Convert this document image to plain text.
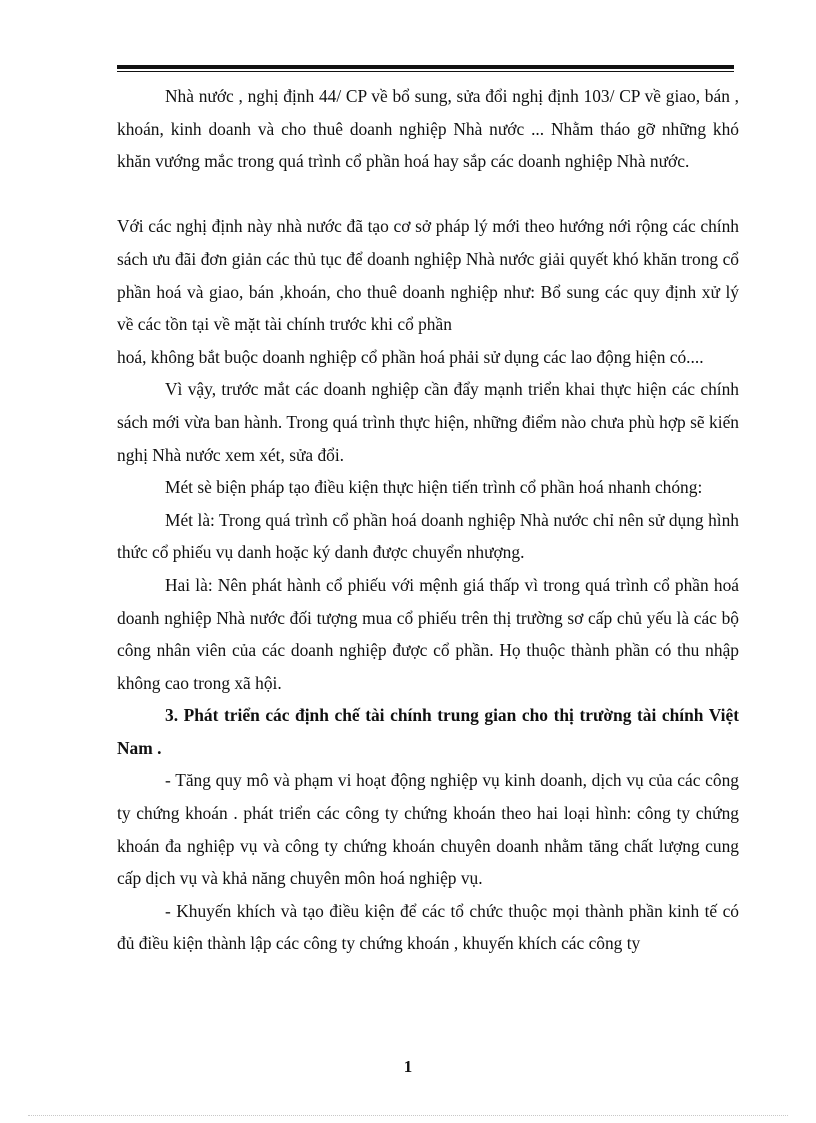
Nhà nước , nghị định 44/ CP về bổ sung, sửa đổi nghị định 103/ CP về giao, bán , khoán, kinh doanh và cho thuê doanh nghiệp Nhà nước ... Nhằm tháo gỡ những khó khăn vướng mắc trong quá trình cổ phần hoá hay sắp các doanh nghiệp Nhà nước.

Với các nghị định này nhà nước đã tạo cơ sở pháp lý mới theo hướng nới rộng các chính sách ưu đãi đơn giản các thủ tục để doanh nghiệp Nhà nước giải quyết khó khăn trong cổ phần hoá và giao, bán ,khoán, cho thuê doanh nghiệp như: Bổ sung các quy định xử lý về các tồn tại về mặt tài chính trước khi cổ phần
hoá, không bắt buộc doanh nghiệp cổ phần hoá phải sử dụng các lao động hiện có....

Vì vậy, trước mắt các doanh nghiệp cần đẩy mạnh triển khai thực hiện các chính sách mới vừa ban hành. Trong quá trình thực hiện, những điểm nào chưa phù hợp sẽ kiến nghị Nhà nước xem xét, sửa đổi.

Mét sè biện pháp tạo điều kiện thực hiện tiến trình cổ phần hoá nhanh chóng:

Mét là: Trong quá trình cổ phần hoá doanh nghiệp Nhà nước chỉ nên sử dụng hình thức cổ phiếu vụ danh hoặc ký danh được chuyển nhượng.

Hai là: Nên phát hành cổ phiếu với mệnh giá thấp vì trong quá trình cổ phần hoá doanh nghiệp Nhà nước đối tượng mua cổ phiếu trên thị trường sơ cấp chủ yếu là các bộ công nhân viên của các doanh nghiệp được cổ phần. Họ thuộc thành phần có thu nhập không cao trong xã hội.

3. Phát triển các định chế tài chính trung gian cho thị trường tài chính Việt Nam .

- Tăng quy mô và phạm vi hoạt động nghiệp vụ kinh doanh, dịch vụ của các công ty chứng khoán . phát triển các công ty chứng khoán theo hai loại hình: công ty chứng khoán đa nghiệp vụ và công ty chứng khoán chuyên doanh nhằm tăng chất lượng cung cấp dịch vụ và khả năng chuyên môn hoá nghiệp vụ.

- Khuyến khích và tạo điều kiện để các tổ chức thuộc mọi thành phần kinh tế có đủ điều kiện thành lập các công ty chứng khoán , khuyến khích các công ty

1
